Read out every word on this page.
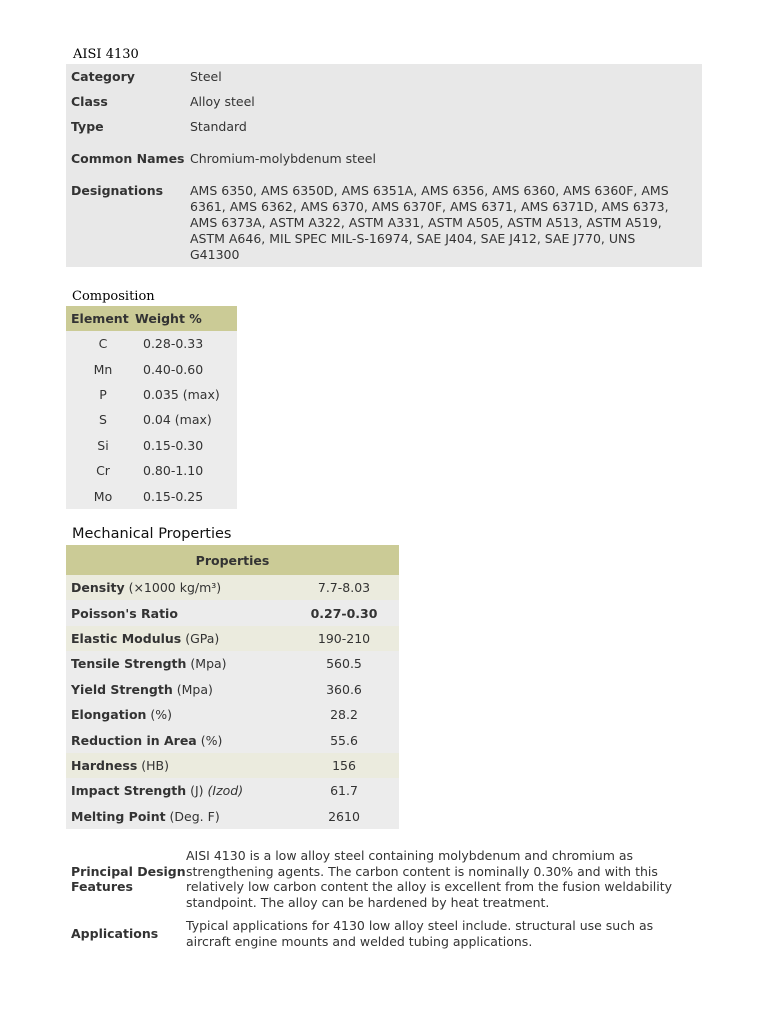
AISI 4130
Category	Steel
Class	Alloy steel
Type	Standard
Common Names	Chromium-molybdenum steel
Designations	AMS 6350, AMS 6350D, AMS 6351A, AMS 6356, AMS 6360, AMS 6360F, AMS 6361, AMS 6362, AMS 6370, AMS 6370F, AMS 6371, AMS 6371D, AMS 6373, AMS 6373A, ASTM A322, ASTM A331, ASTM A505, ASTM A513, ASTM A519, ASTM A646, MIL SPEC MIL-S-16974, SAE J404, SAE J412, SAE J770, UNS G41300
Composition
Element	Weight %
C	0.28-0.33
Mn	0.40-0.60
P	0.035 (max)
S	0.04 (max)
Si	0.15-0.30
Cr	0.80-1.10
Mo	0.15-0.25
Mechanical Properties
Properties	
Density (×1000 kg/m³)	7.7-8.03
Poisson's Ratio	0.27-0.30
Elastic Modulus (GPa)	190-210
Tensile Strength (Mpa)	560.5
Yield Strength (Mpa)	360.6
Elongation (%)	28.2
Reduction in Area (%)	55.6
Hardness (HB)	156
Impact Strength (J) (Izod)	61.7
Melting Point (Deg. F)	2610
Principal Design Features	AISI 4130 is a low alloy steel containing molybdenum and chromium as strengthening agents. The carbon content is nominally 0.30% and with this relatively low carbon content the alloy is excellent from the fusion weldability standpoint. The alloy can be hardened by heat treatment.
Applications	Typical applications for 4130 low alloy steel include. structural use such as aircraft engine mounts and welded tubing applications.
